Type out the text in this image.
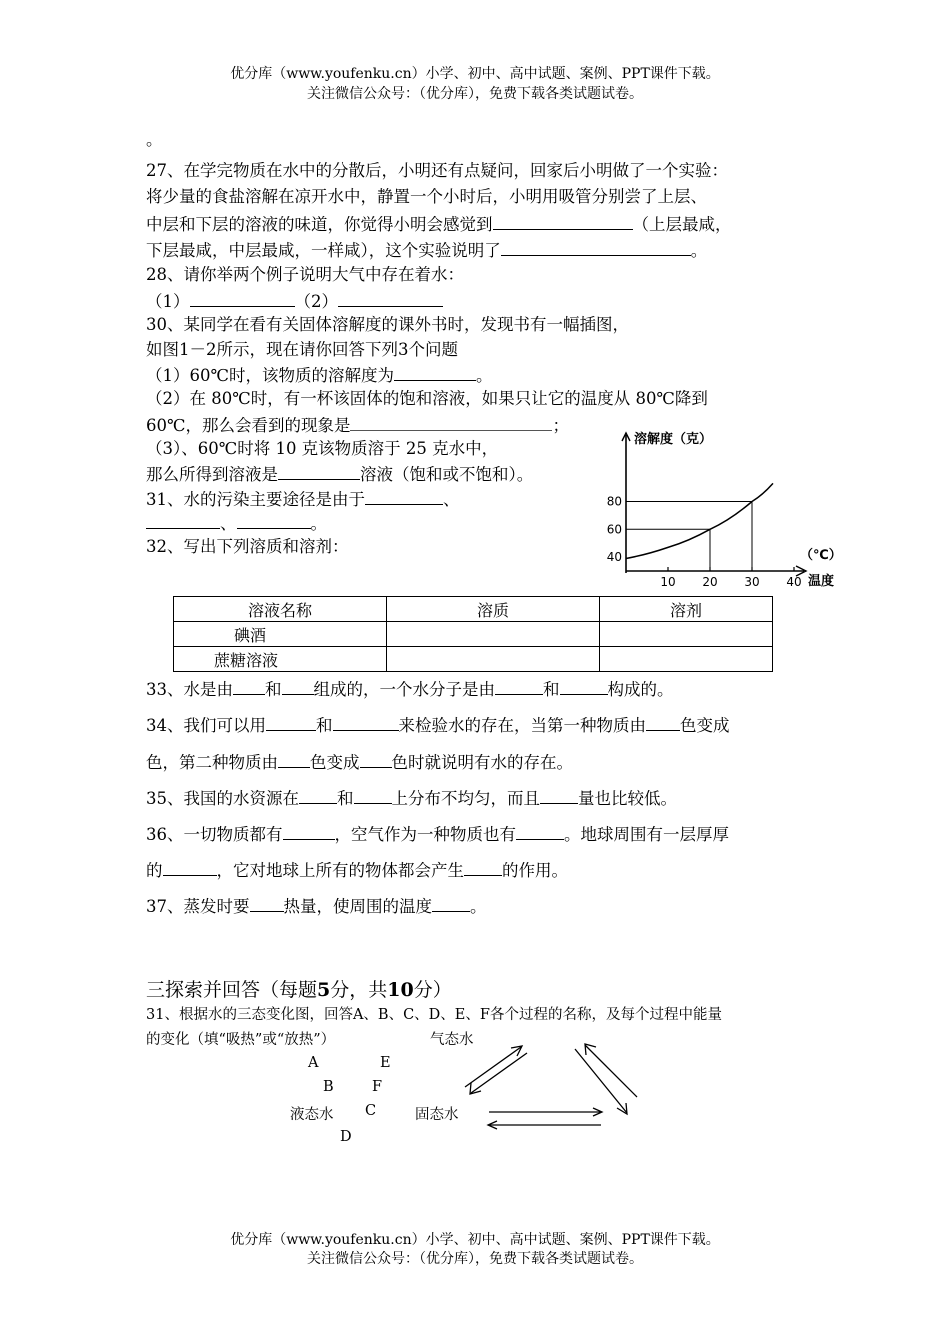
优分库（www.youfenku.cn）小学、初中、高中试题、案例、PPT课件下载。
关注微信公众号：（优分库），免费下载各类试题试卷。
。
27、在学完物质在水中的分散后，小明还有点疑问，回家后小明做了一个实验：
将少量的食盐溶解在凉开水中，静置一个小时后，小明用吸管分别尝了上层、
中层和下层的溶液的味道，你觉得小明会感觉到	（上层最咸，
下层最咸，中层最咸，一样咸），这个实验说明了	。
28、请你举两个例子说明大气中存在着水：
（1）	（2）
30、某同学在看有关固体溶解度的课外书时，发现书有一幅插图，
如图1－2所示，现在请你回答下列3个问题
（1）60℃时，该物质的溶解度为	。
（2）在 80℃时，有一杯该固体的饱和溶液，如果只让它的温度从 80℃降到
60℃，那么会看到的现象是	；
（3）、60℃时将 10 克该物质溶于 25 克水中，
那么所得到溶液是	溶液（饱和或不饱和）。
31、水的污染主要途径是由于	、
、	。
32、写出下列溶质和溶剂：
溶解度（克）
（℃）
温度
10 20 30 40
40
60
80
溶液名称	溶质	溶剂
碘酒		
蔗糖溶液		
33、水是由 和 组成的，一个水分子是由	和	构成的。
34、我们可以用	和	来检验水的存在，当第一种物质由 色变成
色，第二种物质由 色变成 色时就说明有水的存在。
35、我国的水资源在 和 上分布不均匀，而且 量也比较低。
36、一切物质都有	，空气作为一种物质也有	。地球周围有一层厚厚
的	，它对地球上所有的物体都会产生 的作用。
37、蒸发时要 热量，使周围的温度 。
三探索并回答（每题5分，共10分）
31、根据水的三态变化图，回答A、B、C、D、E、F各个过程的名称，及每个过程中能量
的变化（填“吸热”或“放热”）	气态水
A	E
B	F
液态水 C	固态水
D
优分库（www.youfenku.cn）小学、初中、高中试题、案例、PPT课件下载。
关注微信公众号：（优分库），免费下载各类试题试卷。
